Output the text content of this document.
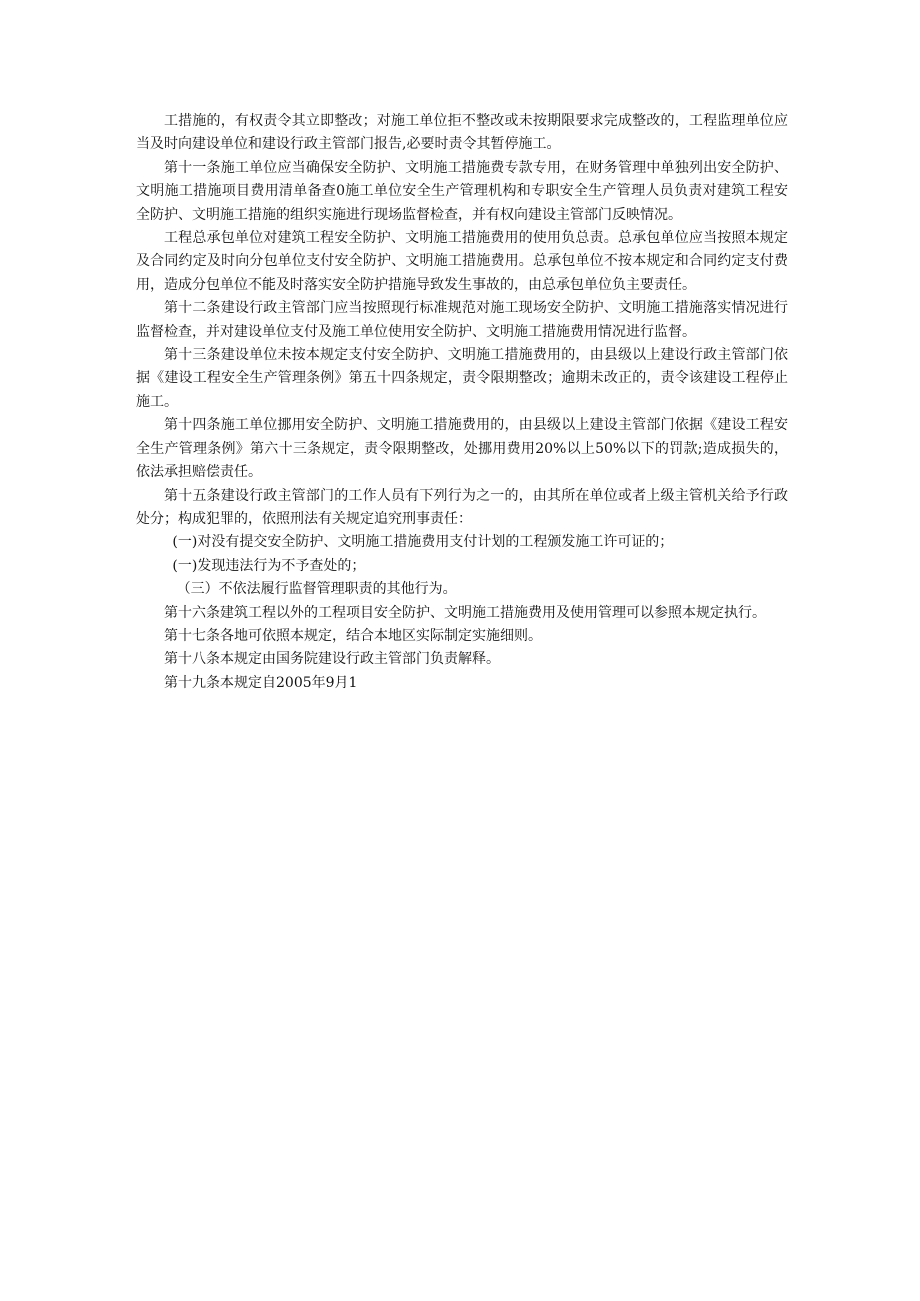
工措施的，有权责令其立即整改；对施工单位拒不整改或未按期限要求完成整改的，工程监理单位应当及时向建设单位和建设行政主管部门报告,必要时责令其暂停施工。

第十一条施工单位应当确保安全防护、文明施工措施费专款专用，在财务管理中单独列出安全防护、文明施工措施项目费用清单备查0施工单位安全生产管理机构和专职安全生产管理人员负责对建筑工程安全防护、文明施工措施的组织实施进行现场监督检查，并有权向建设主管部门反映情况。

工程总承包单位对建筑工程安全防护、文明施工措施费用的使用负总责。总承包单位应当按照本规定及合同约定及时向分包单位支付安全防护、文明施工措施费用。总承包单位不按本规定和合同约定支付费用，造成分包单位不能及时落实安全防护措施导致发生事故的，由总承包单位负主要责任。

第十二条建设行政主管部门应当按照现行标准规范对施工现场安全防护、文明施工措施落实情况进行监督检查，并对建设单位支付及施工单位使用安全防护、文明施工措施费用情况进行监督。

第十三条建设单位未按本规定支付安全防护、文明施工措施费用的，由县级以上建设行政主管部门依据《建设工程安全生产管理条例》第五十四条规定，责令限期整改；逾期未改正的，责令该建设工程停止施工。

第十四条施工单位挪用安全防护、文明施工措施费用的，由县级以上建设主管部门依据《建设工程安全生产管理条例》第六十三条规定，责令限期整改，处挪用费用20%以上50%以下的罚款;造成损失的，依法承担赔偿责任。

第十五条建设行政主管部门的工作人员有下列行为之一的，由其所在单位或者上级主管机关给予行政处分；构成犯罪的，依照刑法有关规定追究刑事责任：

(一)对没有提交安全防护、文明施工措施费用支付计划的工程颁发施工许可证的；

(一)发现违法行为不予查处的；

（三）不依法履行监督管理职责的其他行为。

第十六条建筑工程以外的工程项目安全防护、文明施工措施费用及使用管理可以参照本规定执行。

第十七条各地可依照本规定，结合本地区实际制定实施细则。

第十八条本规定由国务院建设行政主管部门负责解释。

第十九条本规定自2005年9月1
